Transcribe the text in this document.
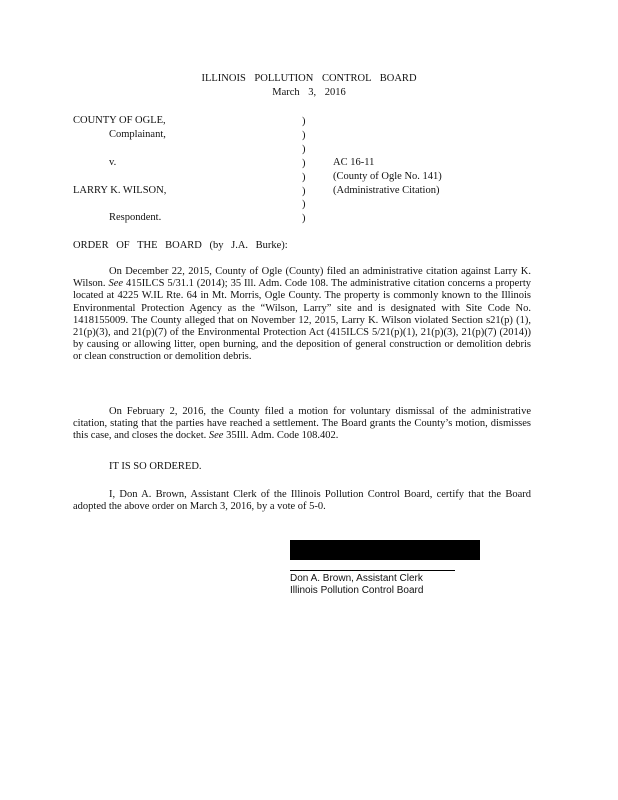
ILLINOIS POLLUTION CONTROL BOARD
March 3, 2016
COUNTY OF OGLE,
Complainant,
v.
LARRY K. WILSON,
Respondent.
)
)
)
)
)
)
)
)
AC 16-11
(County of Ogle No. 141)
(Administrative Citation)
ORDER OF THE BOARD (by J.A. Burke):
On December 22, 2015, County of Ogle (County) filed an administrative citation against Larry K. Wilson. See 415ILCS 5/31.1 (2014); 35 Ill. Adm. Code 108. The administrative citation concerns a property located at 4225 W.IL Rte. 64 in Mt. Morris, Ogle County. The property is commonly known to the Illinois Environmental Protection Agency as the “Wilson, Larry” site and is designated with Site Code No. 1418155009. The County alleged that on November 12, 2015, Larry K. Wilson violated Section s21(p) (1), 21(p)(3), and 21(p)(7) of the Environmental Protection Act (415ILCS 5/21(p)(1), 21(p)(3), 21(p)(7) (2014)) by causing or allowing litter, open burning, and the deposition of general construction or demolition debris or clean construction or demolition debris.
On February 2, 2016, the County filed a motion for voluntary dismissal of the administrative citation, stating that the parties have reached a settlement. The Board grants the County’s motion, dismisses this case, and closes the docket. See 35Ill. Adm. Code 108.402.
IT IS SO ORDERED.
I, Don A. Brown, Assistant Clerk of the Illinois Pollution Control Board, certify that the Board adopted the above order on March 3, 2016, by a vote of 5-0.
Don A. Brown, Assistant Clerk
Illinois Pollution Control Board
